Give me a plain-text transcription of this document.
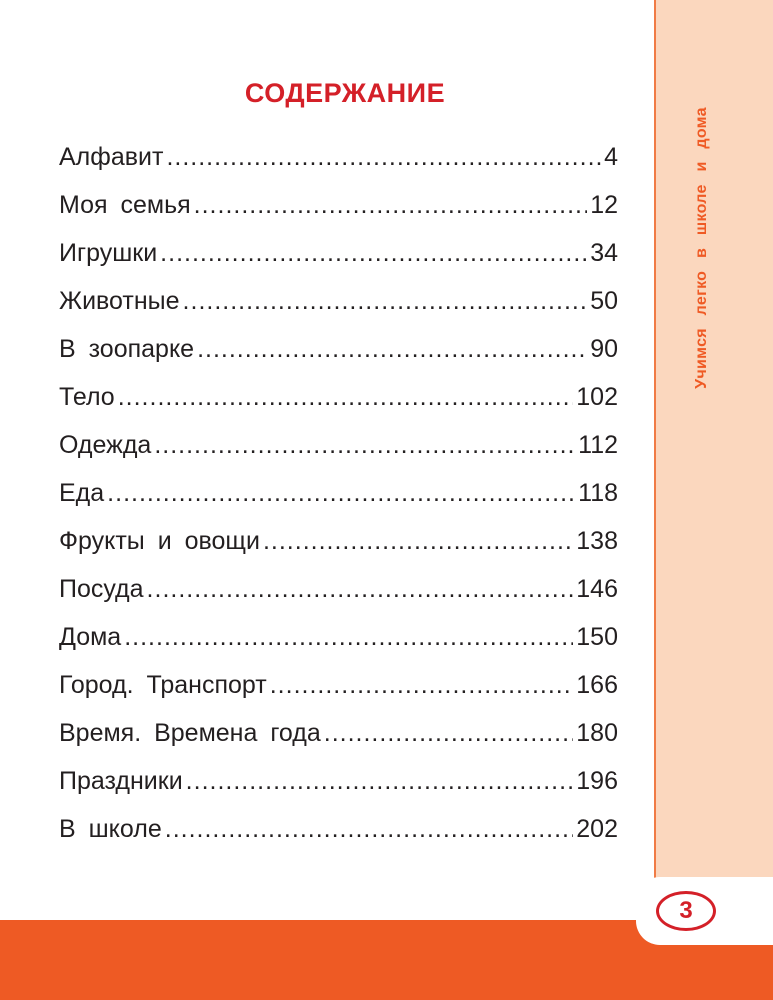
Учимся легко в школе и дома
3
СОДЕРЖАНИЕ
Алфавит .....	4
Моя семья .....	12
Игрушки .....	34
Животные .....	50
В зоопарке .....	90
Тело .....	102
Одежда .....	112
Еда .....	118
Фрукты и овощи .....	138
Посуда .....	146
Дома .....	150
Город. Транспорт .....	166
Время. Времена года .....	180
Праздники .....	196
В школе .....	202
